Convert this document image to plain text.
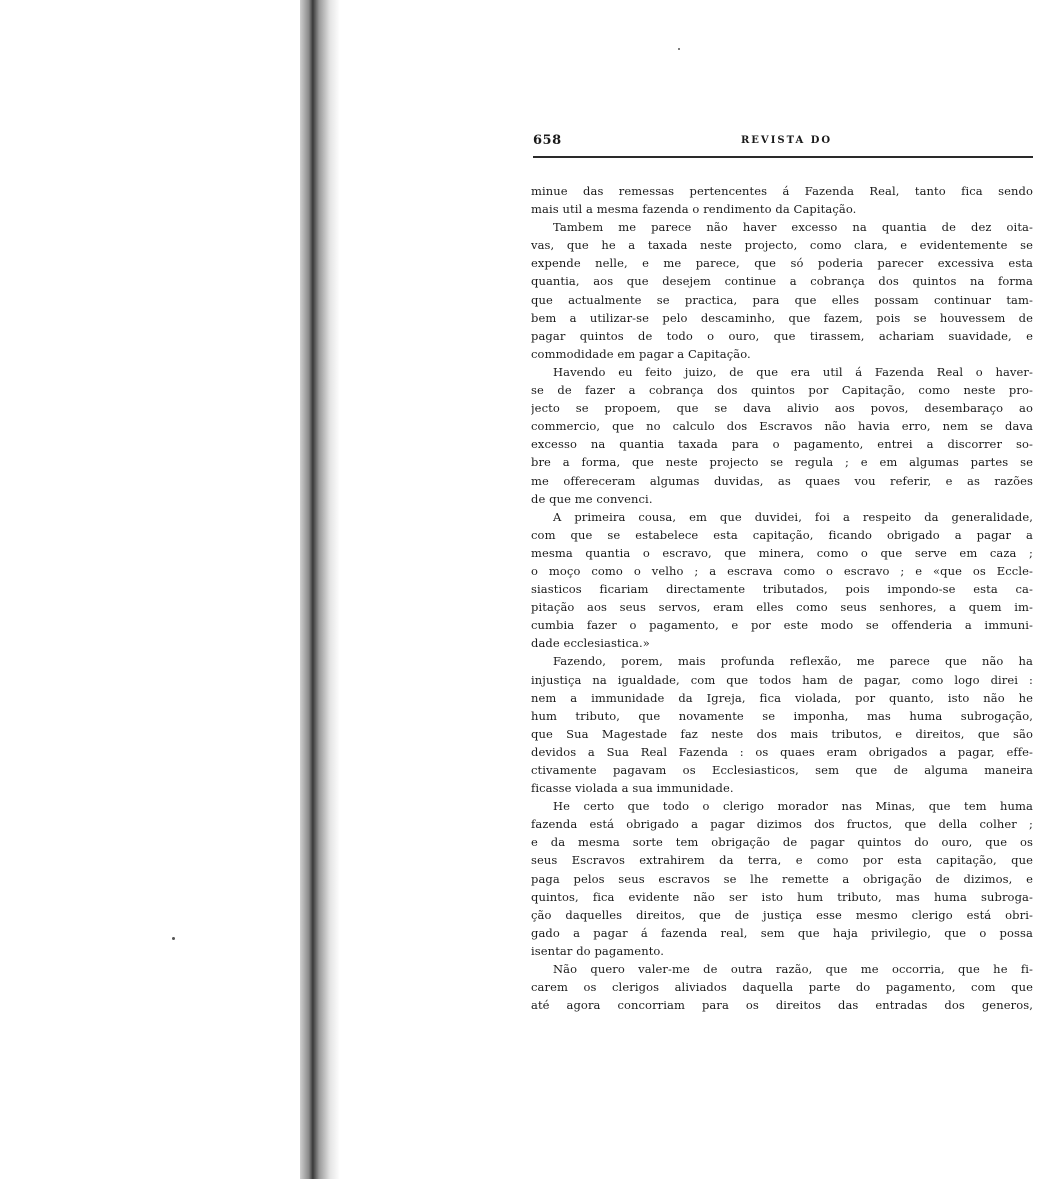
658	REVISTA DO
minue das remessas pertencentes á Fazenda Real, tanto fica sendo
mais util a mesma fazenda o rendimento da Capitação.
Tambem me parece não haver excesso na quantia de dez oita-
vas, que he a taxada neste projecto, como clara, e evidentemente se
expende nelle, e me parece, que só poderia parecer excessiva esta
quantia, aos que desejem continue a cobrança dos quintos na forma
que actualmente se practica, para que elles possam continuar tam-
bem a utilizar-se pelo descaminho, que fazem, pois se houvessem de
pagar quintos de todo o ouro, que tirassem, achariam suavidade, e
commodidade em pagar a Capitação.
Havendo eu feito juizo, de que era util á Fazenda Real o haver-
se de fazer a cobrança dos quintos por Capitação, como neste pro-
jecto se propoem, que se dava alivio aos povos, desembaraço ao
commercio, que no calculo dos Escravos não havia erro, nem se dava
excesso na quantia taxada para o pagamento, entrei a discorrer so-
bre a forma, que neste projecto se regula ; e em algumas partes se
me offereceram algumas duvidas, as quaes vou referir, e as razões
de que me convenci.
A primeira cousa, em que duvidei, foi a respeito da generalidade,
com que se estabelece esta capitação, ficando obrigado a pagar a
mesma quantia o escravo, que minera, como o que serve em caza ;
o moço como o velho ; a escrava como o escravo ; e «que os Eccle-
siasticos ficariam directamente tributados, pois impondo-se esta ca-
pitação aos seus servos, eram elles como seus senhores, a quem im-
cumbia fazer o pagamento, e por este modo se offenderia a immuni-
dade ecclesiastica.»
Fazendo, porem, mais profunda reflexão, me parece que não ha
injustiça na igualdade, com que todos ham de pagar, como logo direi :
nem a immunidade da Igreja, fica violada, por quanto, isto não he
hum tributo, que novamente se imponha, mas huma subrogação,
que Sua Magestade faz neste dos mais tributos, e direitos, que são
devidos a Sua Real Fazenda : os quaes eram obrigados a pagar, effe-
ctivamente pagavam os Ecclesiasticos, sem que de alguma maneira
ficasse violada a sua immunidade.
He certo que todo o clerigo morador nas Minas, que tem huma
fazenda está obrigado a pagar dizimos dos fructos, que della colher ;
e da mesma sorte tem obrigação de pagar quintos do ouro, que os
seus Escravos extrahirem da terra, e como por esta capitação, que
paga pelos seus escravos se lhe remette a obrigação de dizimos, e
quintos, fica evidente não ser isto hum tributo, mas huma subroga-
ção daquelles direitos, que de justiça esse mesmo clerigo está obri-
gado a pagar á fazenda real, sem que haja privilegio, que o possa
isentar do pagamento.
Não quero valer-me de outra razão, que me occorria, que he fi-
carem os clerigos aliviados daquella parte do pagamento, com que
até agora concorriam para os direitos das entradas dos generos,
